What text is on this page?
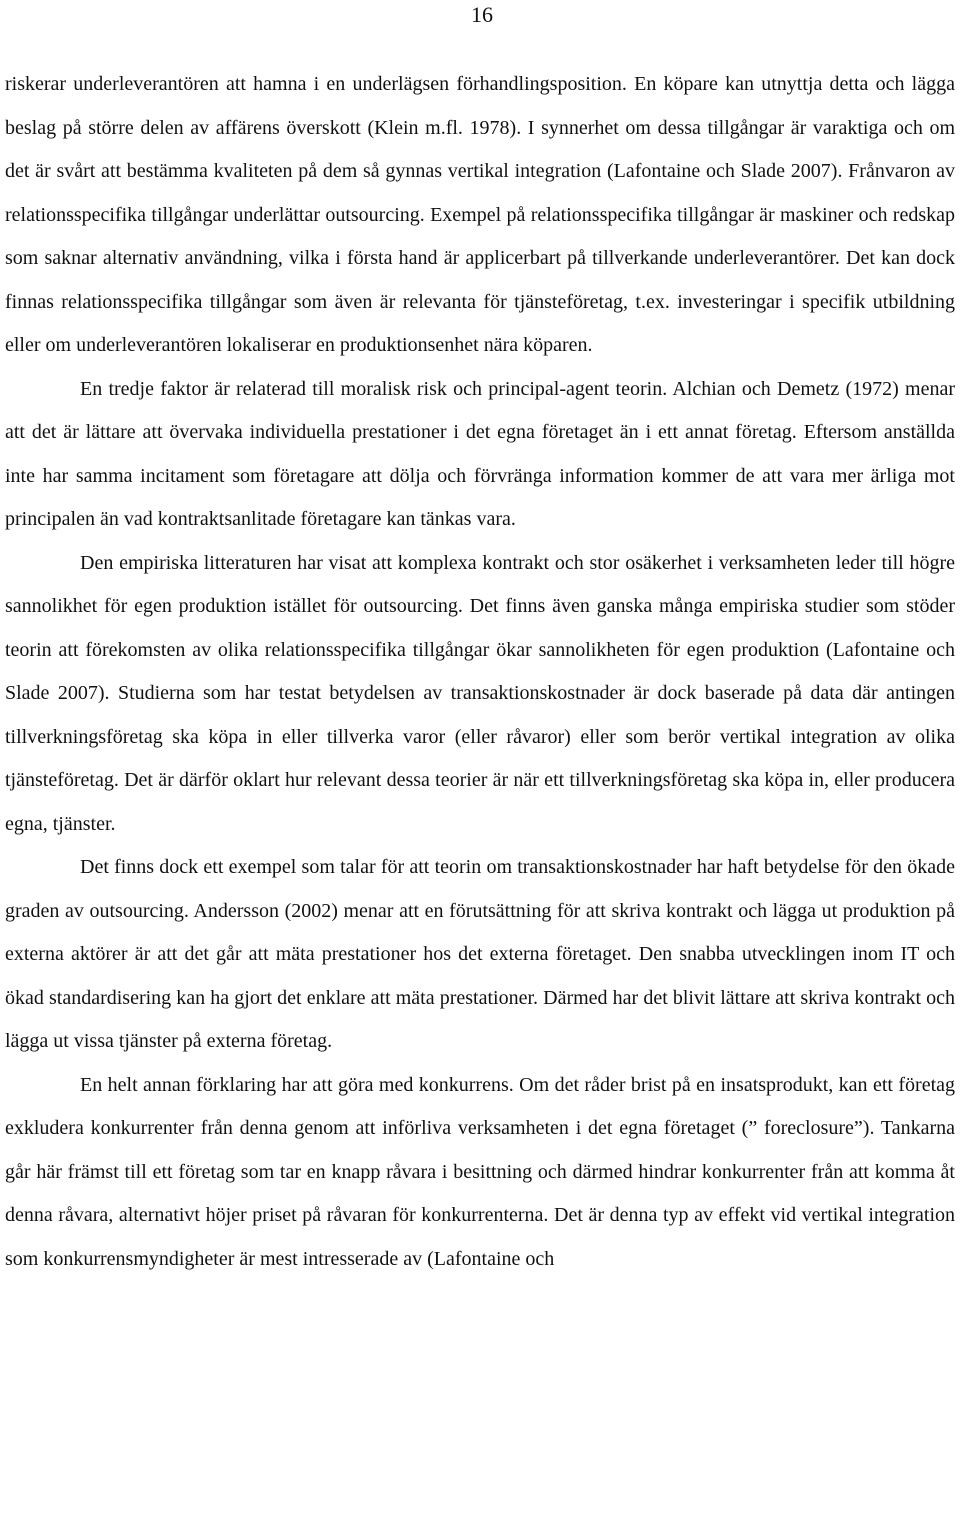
16

riskerar underleverantören att hamna i en underlägsen förhandlingsposition. En köpare kan utnyttja detta och lägga beslag på större delen av affärens överskott (Klein m.fl. 1978). I synnerhet om dessa tillgångar är varaktiga och om det är svårt att bestämma kvaliteten på dem så gynnas vertikal integration (Lafontaine och Slade 2007). Frånvaron av relationsspecifika tillgångar underlättar outsourcing. Exempel på relationsspecifika tillgångar är maskiner och redskap som saknar alternativ användning, vilka i första hand är applicerbart på tillverkande underleverantörer. Det kan dock finnas relationsspecifika tillgångar som även är relevanta för tjänsteföretag, t.ex. investeringar i specifik utbildning eller om underleverantören lokaliserar en produktionsenhet nära köparen.

En tredje faktor är relaterad till moralisk risk och principal-agent teorin. Alchian och Demetz (1972) menar att det är lättare att övervaka individuella prestationer i det egna företaget än i ett annat företag. Eftersom anställda inte har samma incitament som företagare att dölja och förvränga information kommer de att vara mer ärliga mot principalen än vad kontraktsanlitade företagare kan tänkas vara.

Den empiriska litteraturen har visat att komplexa kontrakt och stor osäkerhet i verksamheten leder till högre sannolikhet för egen produktion istället för outsourcing. Det finns även ganska många empiriska studier som stöder teorin att förekomsten av olika relationsspecifika tillgångar ökar sannolikheten för egen produktion (Lafontaine och Slade 2007). Studierna som har testat betydelsen av transaktionskostnader är dock baserade på data där antingen tillverkningsföretag ska köpa in eller tillverka varor (eller råvaror) eller som berör vertikal integration av olika tjänsteföretag. Det är därför oklart hur relevant dessa teorier är när ett tillverkningsföretag ska köpa in, eller producera egna, tjänster.

Det finns dock ett exempel som talar för att teorin om transaktionskostnader har haft betydelse för den ökade graden av outsourcing. Andersson (2002) menar att en förutsättning för att skriva kontrakt och lägga ut produktion på externa aktörer är att det går att mäta prestationer hos det externa företaget. Den snabba utvecklingen inom IT och ökad standardisering kan ha gjort det enklare att mäta prestationer. Därmed har det blivit lättare att skriva kontrakt och lägga ut vissa tjänster på externa företag.

En helt annan förklaring har att göra med konkurrens. Om det råder brist på en insatsprodukt, kan ett företag exkludera konkurrenter från denna genom att införliva verksamheten i det egna företaget (” foreclosure”). Tankarna går här främst till ett företag som tar en knapp råvara i besittning och därmed hindrar konkurrenter från att komma åt denna råvara, alternativt höjer priset på råvaran för konkurrenterna. Det är denna typ av effekt vid vertikal integration som konkurrensmyndigheter är mest intresserade av (Lafontaine och
